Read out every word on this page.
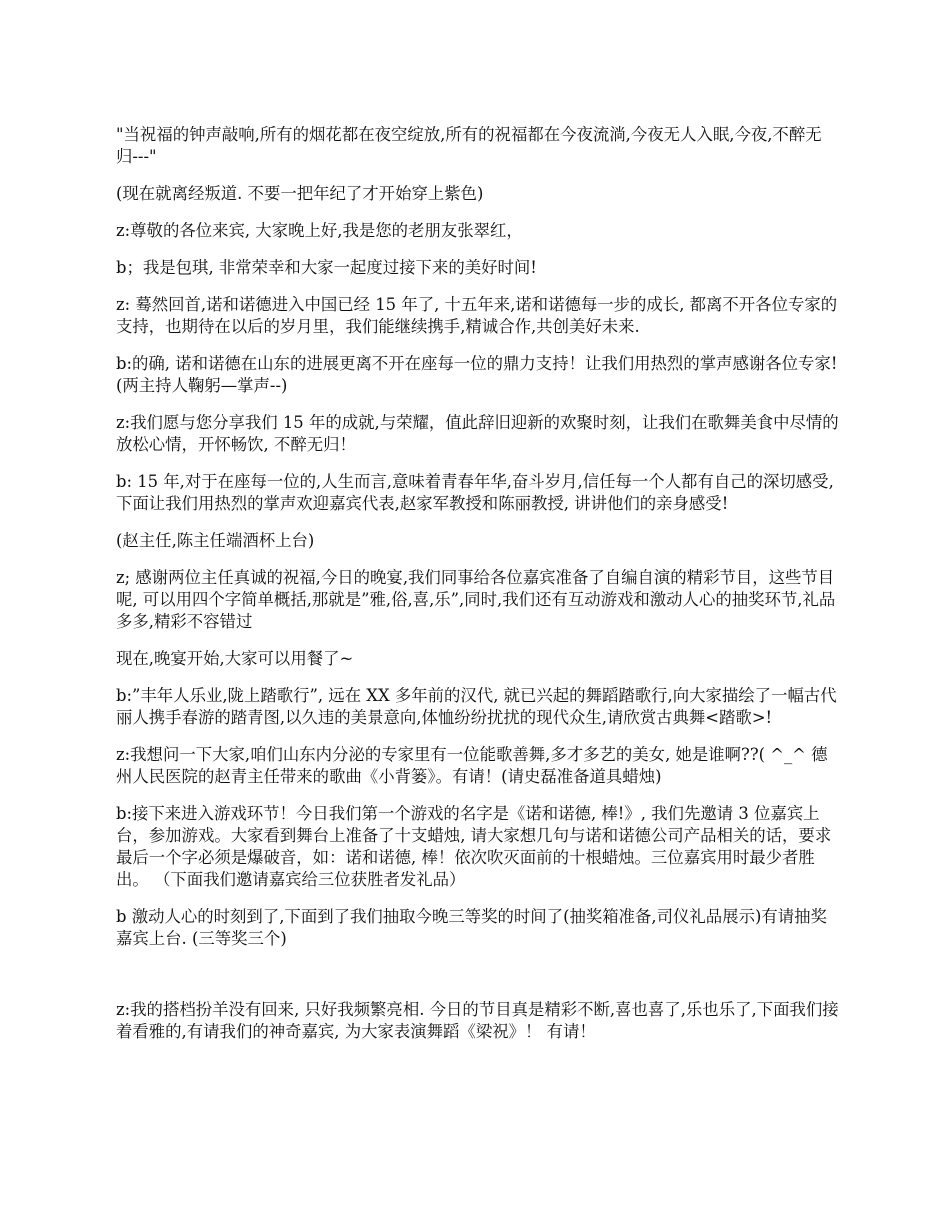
"当祝福的钟声敲响,所有的烟花都在夜空绽放,所有的祝福都在今夜流淌,今夜无人入眠,今夜,不醉无归---"

(现在就离经叛道. 不要一把年纪了才开始穿上紫色)

z:尊敬的各位来宾, 大家晚上好,我是您的老朋友张翠红，

b；我是包琪, 非常荣幸和大家一起度过接下来的美好时间!

z: 蓦然回首,诺和诺德进入中国已经 15 年了, 十五年来,诺和诺德每一步的成长, 都离不开各位专家的支持，也期待在以后的岁月里，我们能继续携手,精诚合作,共创美好未来.

b:的确, 诺和诺德在山东的进展更离不开在座每一位的鼎力支持！让我们用热烈的掌声感谢各位专家! (两主持人鞠躬—掌声--)

z:我们愿与您分享我们 15 年的成就,与荣耀，值此辞旧迎新的欢聚时刻，让我们在歌舞美食中尽情的放松心情，开怀畅饮, 不醉无归！

b: 15 年,对于在座每一位的,人生而言,意味着青春年华,奋斗岁月,信任每一个人都有自己的深切感受,下面让我们用热烈的掌声欢迎嘉宾代表,赵家军教授和陈丽教授, 讲讲他们的亲身感受!

(赵主任,陈主任端酒杯上台)

z; 感谢两位主任真诚的祝福,今日的晚宴,我们同事给各位嘉宾准备了自编自演的精彩节目，这些节目呢, 可以用四个字简单概括,那就是”雅,俗,喜,乐”,同时,我们还有互动游戏和激动人心的抽奖环节,礼品多多,精彩不容错过

现在,晚宴开始,大家可以用餐了~

b:”丰年人乐业,陇上踏歌行”, 远在 XX 多年前的汉代, 就已兴起的舞蹈踏歌行,向大家描绘了一幅古代丽人携手春游的踏青图,以久违的美景意向,体恤纷纷扰扰的现代众生,请欣赏古典舞<踏歌>!

z:我想问一下大家,咱们山东内分泌的专家里有一位能歌善舞,多才多艺的美女, 她是谁啊??( ^_^ 德州人民医院的赵青主任带来的歌曲《小背篓》。有请！(请史磊准备道具蜡烛)

b:接下来进入游戏环节！今日我们第一个游戏的名字是《诺和诺德, 棒!》, 我们先邀请 3 位嘉宾上台，参加游戏。大家看到舞台上准备了十支蜡烛, 请大家想几句与诺和诺德公司产品相关的话，要求最后一个字必须是爆破音，如：诺和诺德, 棒！依次吹灭面前的十根蜡烛。三位嘉宾用时最少者胜出。 （下面我们邀请嘉宾给三位获胜者发礼品）

b 激动人心的时刻到了,下面到了我们抽取今晚三等奖的时间了(抽奖箱准备,司仪礼品展示)有请抽奖嘉宾上台. (三等奖三个)

z:我的搭档扮羊没有回来, 只好我频繁亮相. 今日的节目真是精彩不断,喜也喜了,乐也乐了,下面我们接着看雅的,有请我们的神奇嘉宾, 为大家表演舞蹈《梁祝》！ 有请！
